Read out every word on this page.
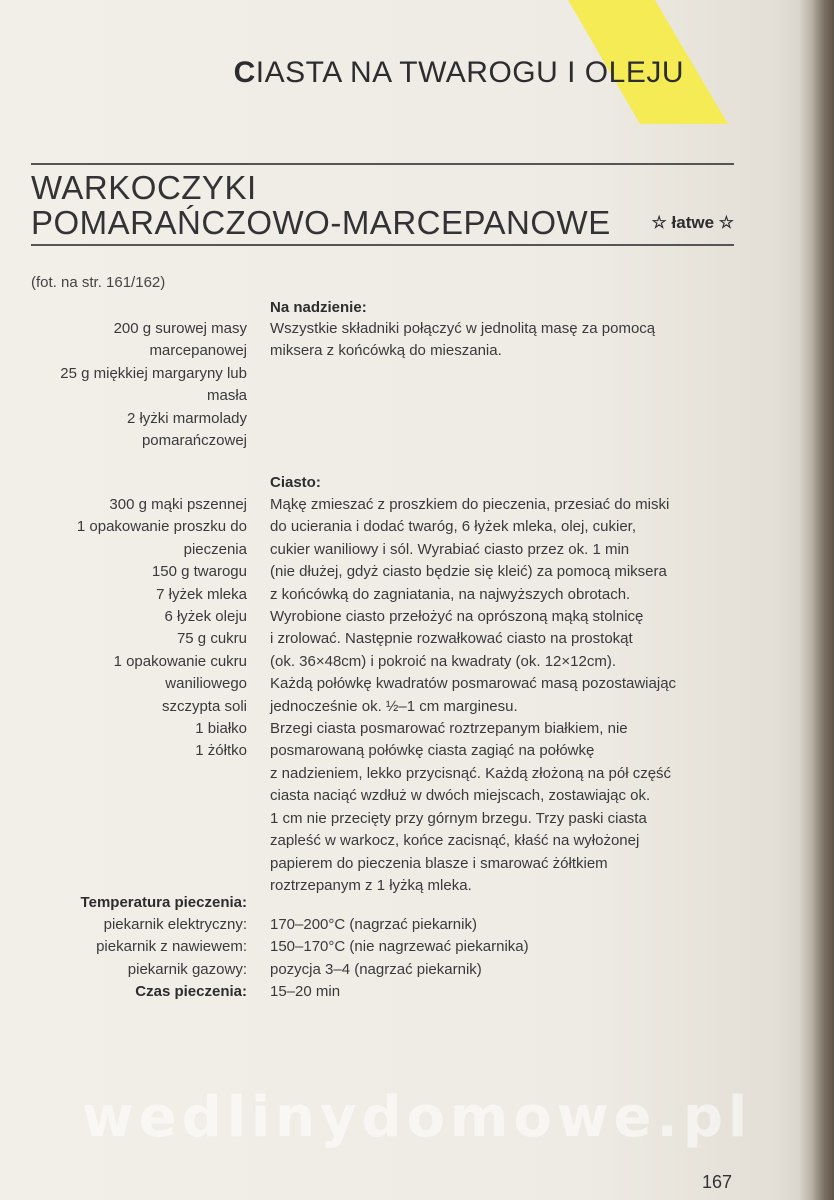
CIASTA NA TWAROGU I OLEJU
WARKOCZYKI
POMARAŃCZOWO-MARCEPANOWE ☆ łatwe ☆
(fot. na str. 161/162)
Na nadzienie:
200 g surowej masy
marcepanowej
25 g miękkiej margaryny lub
masła
2 łyżki marmolady
pomarańczowej
Wszystkie składniki połączyć w jednolitą masę za pomocą
miksera z końcówką do mieszania.
Ciasto:
300 g mąki pszennej
1 opakowanie proszku do
pieczenia
150 g twarogu
7 łyżek mleka
6 łyżek oleju
75 g cukru
1 opakowanie cukru
waniliowego
szczypta soli
1 białko
1 żółtko
Mąkę zmieszać z proszkiem do pieczenia, przesiać do miski
do ucierania i dodać twaróg, 6 łyżek mleka, olej, cukier,
cukier waniliowy i sól. Wyrabiać ciasto przez ok. 1 min
(nie dłużej, gdyż ciasto będzie się kleić) za pomocą miksera
z końcówką do zagniatania, na najwyższych obrotach.
Wyrobione ciasto przełożyć na oprószoną mąką stolnicę
i zrolować. Następnie rozwałkować ciasto na prostokąt
(ok. 36×48cm) i pokroić na kwadraty (ok. 12×12cm).
Każdą połówkę kwadratów posmarować masą pozostawiając
jednocześnie ok. ½–1 cm marginesu.
Brzegi ciasta posmarować roztrzepanym białkiem, nie
posmarowaną połówkę ciasta zagiąć na połówkę
z nadzieniem, lekko przycisnąć. Każdą złożoną na pół część
ciasta naciąć wzdłuż w dwóch miejscach, zostawiając ok.
1 cm nie przecięty przy górnym brzegu. Trzy paski ciasta
zapleść w warkocz, końce zacisnąć, kłaść na wyłożonej
papierem do pieczenia blasze i smarować żółtkiem
roztrzepanym z 1 łyżką mleka.
Temperatura pieczenia:
piekarnik elektryczny:
piekarnik z nawiewem:
piekarnik gazowy:
Czas pieczenia:
170–200°C (nagrzać piekarnik)
150–170°C (nie nagrzewać piekarnika)
pozycja 3–4 (nagrzać piekarnik)
15–20 min
wedlinydomowe.pl
167
